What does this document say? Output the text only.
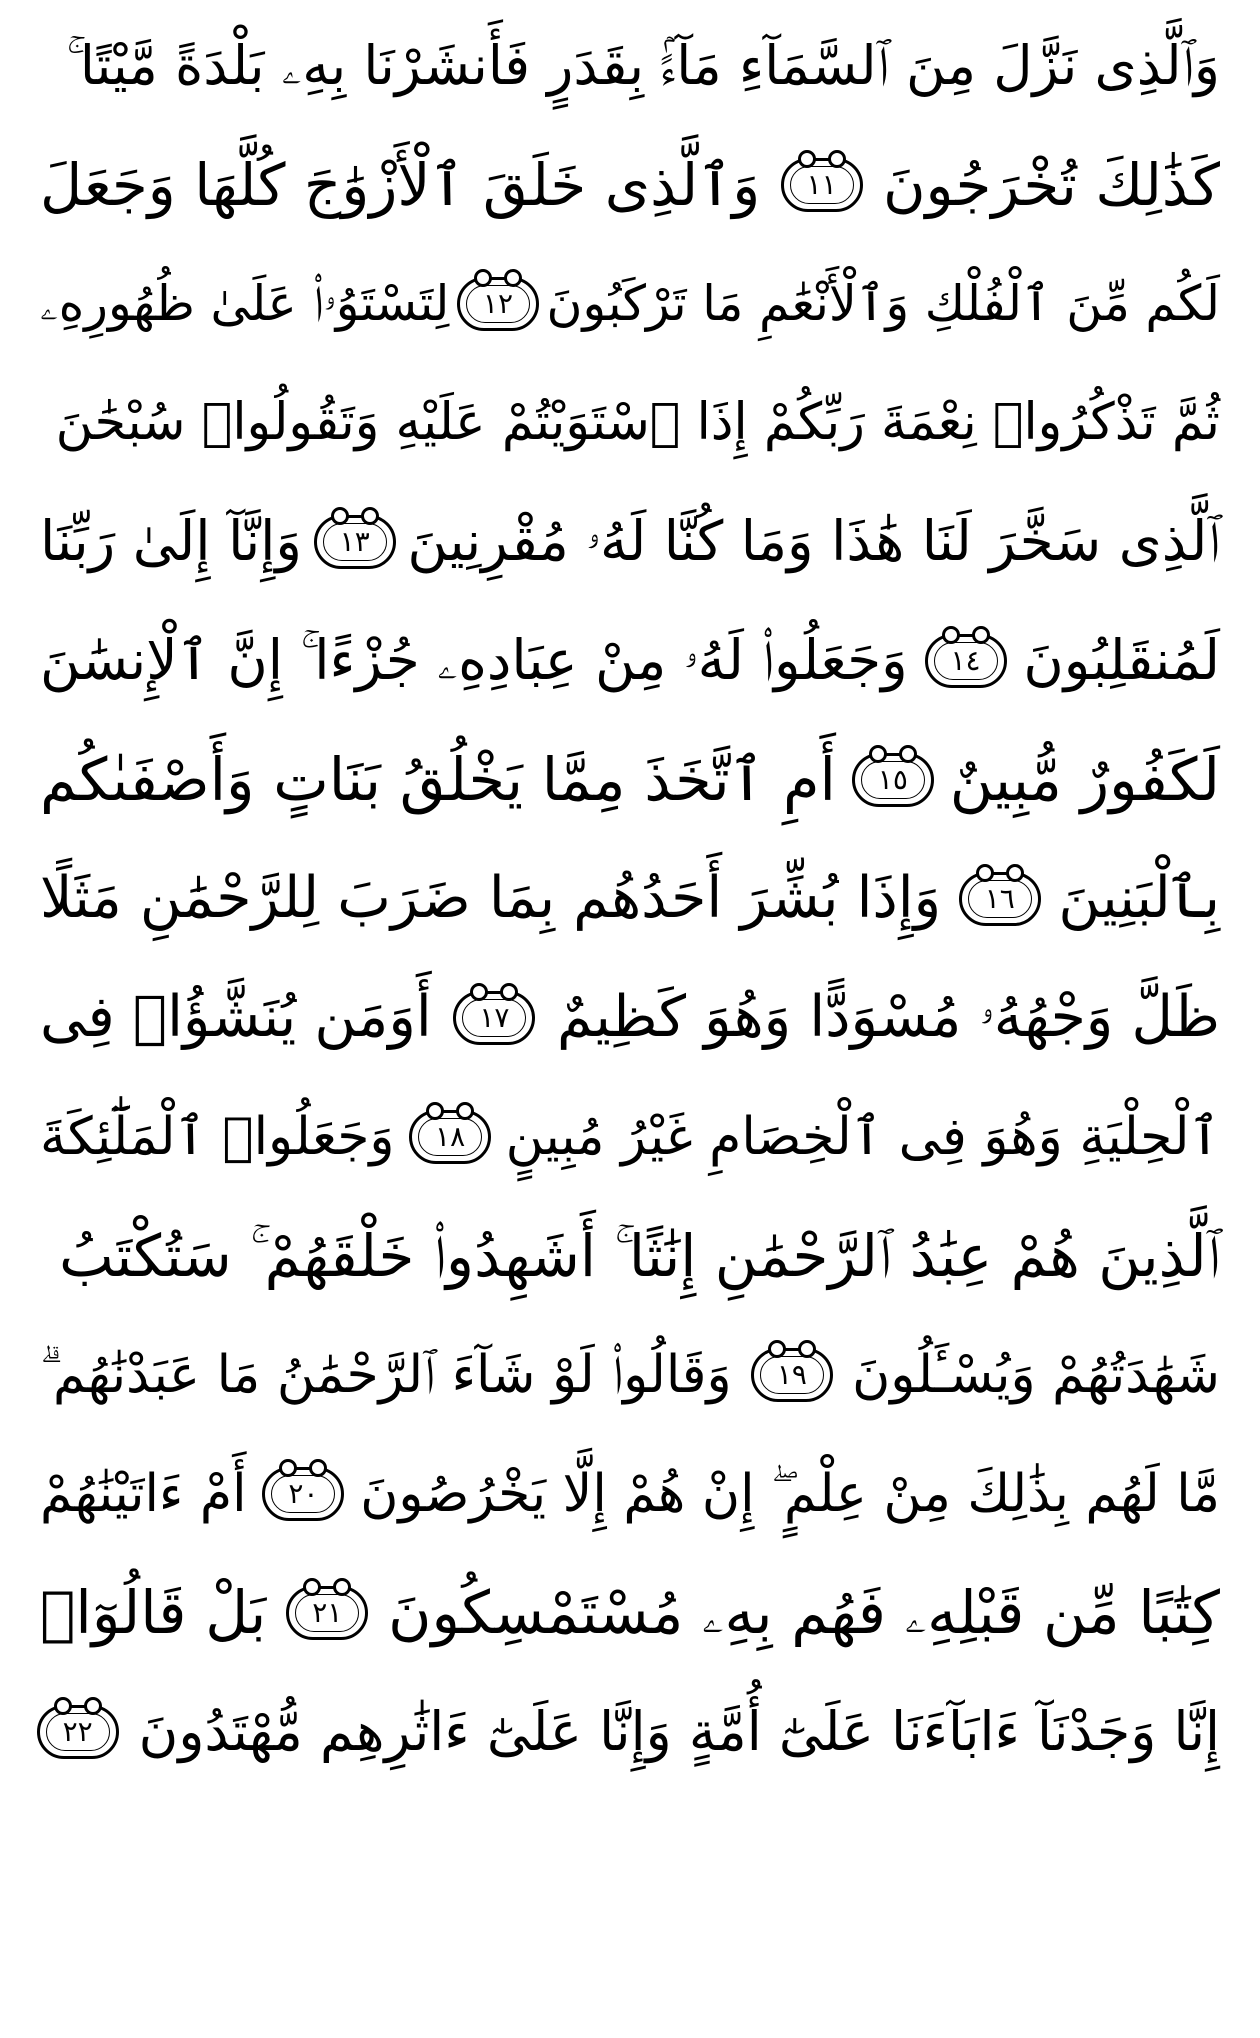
وَٱلَّذِى نَزَّلَ مِنَ ٱلسَّمَآءِ مَآءًۢ بِقَدَرٍ فَأَنشَرْنَا بِهِۦ بَلْدَةً مَّيْتًا ۚ
كَذَٰلِكَ تُخْرَجُونَ
١١
وَٱلَّذِى خَلَقَ ٱلْأَزْوَٰجَ كُلَّهَا وَجَعَلَ
لَكُم مِّنَ ٱلْفُلْكِ وَٱلْأَنْعَٰمِ مَا تَرْكَبُونَ
١٢
لِتَسْتَوُۥا۟ عَلَىٰ ظُهُورِهِۦ
ثُمَّ تَذْكُرُوا۟ نِعْمَةَ رَبِّكُمْ إِذَا ٱسْتَوَيْتُمْ عَلَيْهِ وَتَقُولُوا۟ سُبْحَٰنَ
ٱلَّذِى سَخَّرَ لَنَا هَٰذَا وَمَا كُنَّا لَهُۥ مُقْرِنِينَ
١٣
وَإِنَّآ إِلَىٰ رَبِّنَا
لَمُنقَلِبُونَ
١٤
وَجَعَلُوا۟ لَهُۥ مِنْ عِبَادِهِۦ جُزْءًا ۚ إِنَّ ٱلْإِنسَٰنَ
لَكَفُورٌ مُّبِينٌ
١٥
أَمِ ٱتَّخَذَ مِمَّا يَخْلُقُ بَنَاتٍ وَأَصْفَىٰكُم
بِٱلْبَنِينَ
١٦
وَإِذَا بُشِّرَ أَحَدُهُم بِمَا ضَرَبَ لِلرَّحْمَٰنِ مَثَلًا
ظَلَّ وَجْهُهُۥ مُسْوَدًّا وَهُوَ كَظِيمٌ
١٧
أَوَمَن يُنَشَّؤُا۟ فِى
ٱلْحِلْيَةِ وَهُوَ فِى ٱلْخِصَامِ غَيْرُ مُبِينٍ
١٨
وَجَعَلُوا۟ ٱلْمَلَٰٓئِكَةَ
ٱلَّذِينَ هُمْ عِبَٰدُ ٱلرَّحْمَٰنِ إِنَٰثًا ۚ أَشَهِدُوا۟ خَلْقَهُمْ ۚ سَتُكْتَبُ
شَهَٰدَتُهُمْ وَيُسْـَٔلُونَ
١٩
وَقَالُوا۟ لَوْ شَآءَ ٱلرَّحْمَٰنُ مَا عَبَدْنَٰهُم ۗ
مَّا لَهُم بِذَٰلِكَ مِنْ عِلْمٍ ۖ إِنْ هُمْ إِلَّا يَخْرُصُونَ
٢٠
أَمْ ءَاتَيْنَٰهُمْ
كِتَٰبًا مِّن قَبْلِهِۦ فَهُم بِهِۦ مُسْتَمْسِكُونَ
٢١
بَلْ قَالُوٓا۟
إِنَّا وَجَدْنَآ ءَابَآءَنَا عَلَىٰٓ أُمَّةٍ وَإِنَّا عَلَىٰٓ ءَاثَٰرِهِم مُّهْتَدُونَ
٢٢
